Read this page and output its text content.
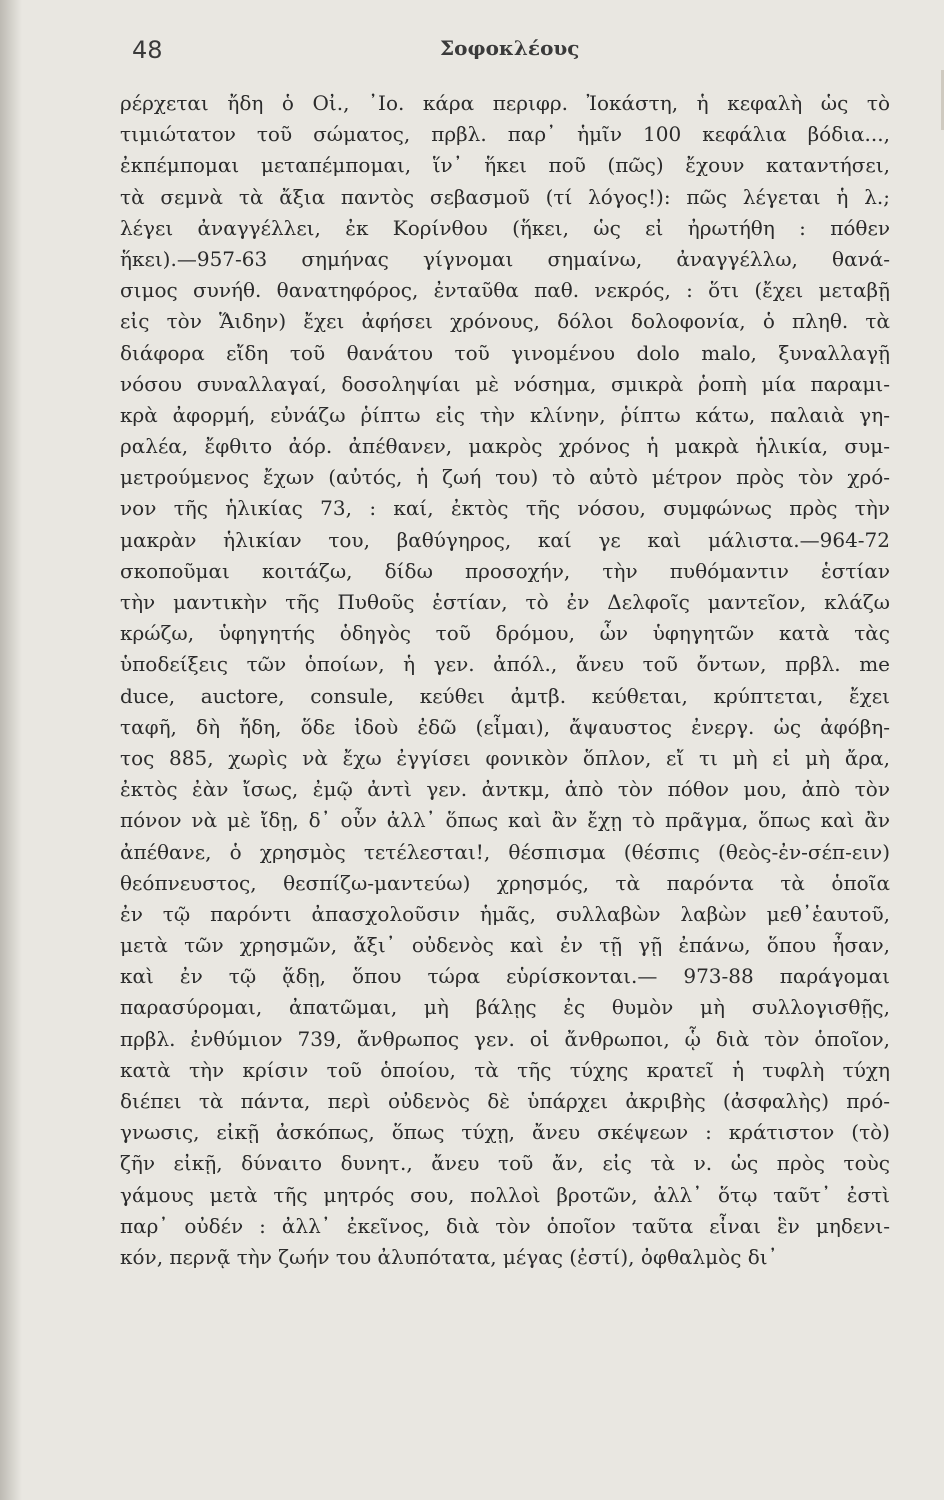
48	Σοφοκλέους
ρέρχεται ἤδη ὁ Οἰ., ᾽Ιο. κάρα περιφρ. Ἰοκάστη, ἡ κεφαλὴ ὡς τὸ
τιμιώτατον τοῦ σώματος, πρβλ. παρ᾽ ἡμῖν 100 κεφάλια βόδια...,
ἐκπέμπομαι μεταπέμπομαι, ἵν᾽ ἥκει ποῦ (πῶς) ἔχουν καταντήσει,
τὰ σεμνὰ τὰ ἄξια παντὸς σεβασμοῦ (τί λόγος!): πῶς λέγεται ἡ λ.;
λέγει ἀναγγέλλει, ἐκ Κορίνθου (ἥκει, ὡς εἰ ἠρωτήθη : πόθεν
ἥκει).—957-63 σημήνας γίγνομαι σημαίνω, ἀναγγέλλω, θανά-
σιμος συνήθ. θανατηφόρος, ἐνταῦθα παθ. νεκρός, : ὅτι (ἔχει μεταβῇ
εἰς τὸν Ἅιδην) ἔχει ἀφήσει χρόνους, δόλοι δολοφονία, ὁ πληθ. τὰ
διάφορα εἴδη τοῦ θανάτου τοῦ γινομένου dolo malo, ξυναλλαγῇ
νόσου συναλλαγαί, δοσοληψίαι μὲ νόσημα, σμικρὰ ῥοπὴ μία παραμι-
κρὰ ἀφορμή, εὐνάζω ῥίπτω εἰς τὴν κλίνην, ῥίπτω κάτω, παλαιὰ γη-
ραλέα, ἔφθιτο ἀόρ. ἀπέθανεν, μακρὸς χρόνος ἡ μακρὰ ἡλικία, συμ-
μετρούμενος ἔχων (αὐτός, ἡ ζωή του) τὸ αὐτὸ μέτρον πρὸς τὸν χρό-
νον τῆς ἡλικίας 73, : καί, ἐκτὸς τῆς νόσου, συμφώνως πρὸς τὴν
μακρὰν ἡλικίαν του, βαθύγηρος, καί γε καὶ μάλιστα.—964-72
σκοποῦμαι κοιτάζω, δίδω προσοχήν, τὴν πυθόμαντιν ἑστίαν
τὴν μαντικὴν τῆς Πυθοῦς ἑστίαν, τὸ ἐν Δελφοῖς μαντεῖον, κλάζω
κρώζω, ὑφηγητής ὁδηγὸς τοῦ δρόμου, ὧν ὑφηγητῶν κατὰ τὰς
ὑποδείξεις τῶν ὁποίων, ἡ γεν. ἀπόλ., ἄνευ τοῦ ὄντων, πρβλ. me
duce, auctore, consule, κεύθει ἀμτβ. κεύθεται, κρύπτεται, ἔχει
ταφῆ, δὴ ἤδη, ὅδε ἰδοὺ ἐδῶ (εἶμαι), ἄψαυστος ἐνεργ. ὡς ἀφόβη-
τος 885, χωρὶς νὰ ἔχω ἐγγίσει φονικὸν ὅπλον, εἴ τι μὴ εἰ μὴ ἄρα,
ἐκτὸς ἐὰν ἴσως, ἐμῷ ἀντὶ γεν. ἀντκμ, ἀπὸ τὸν πόθον μου, ἀπὸ τὸν
πόνον νὰ μὲ ἴδῃ, δ᾽ οὖν ἀλλ᾽ ὅπως καὶ ἂν ἔχῃ τὸ πρᾶγμα, ὅπως καὶ ἂν
ἀπέθανε, ὁ χρησμὸς τετέλεσται!, θέσπισμα (θέσπις (θεὸς-ἐν-σέπ-ειν)
θεόπνευστος, θεσπίζω-μαντεύω) χρησμός, τὰ παρόντα τὰ ὁποῖα
ἐν τῷ παρόντι ἀπασχολοῦσιν ἡμᾶς, συλλαβὼν λαβὼν μεθ᾽ἑαυτοῦ,
μετὰ τῶν χρησμῶν, ἄξι᾽ οὐδενὸς καὶ ἐν τῇ γῇ ἐπάνω, ὅπου ἦσαν,
καὶ ἐν τῷ ᾅδῃ, ὅπου τώρα εὑρίσκονται.— 973-88 παράγομαι
παρασύρομαι, ἀπατῶμαι, μὴ βάλῃς ἐς θυμὸν μὴ συλλογισθῇς,
πρβλ. ἐνθύμιον 739, ἄνθρωπος γεν. οἱ ἄνθρωποι, ᾧ διὰ τὸν ὁποῖον,
κατὰ τὴν κρίσιν τοῦ ὁποίου, τὰ τῆς τύχης κρατεῖ ἡ τυφλὴ τύχη
διέπει τὰ πάντα, περὶ οὐδενὸς δὲ ὑπάρχει ἀκριβὴς (ἀσφαλὴς) πρό-
γνωσις, εἰκῇ ἀσκόπως, ὅπως τύχῃ, ἄνευ σκέψεων : κράτιστον (τὸ)
ζῆν εἰκῇ, δύναιτο δυνητ., ἄνευ τοῦ ἄν, εἰς τὰ ν. ὡς πρὸς τοὺς
γάμους μετὰ τῆς μητρός σου, πολλοὶ βροτῶν, ἀλλ᾽ ὅτῳ ταῦτ᾽ ἐστὶ
παρ᾽ οὐδέν : ἀλλ᾽ ἐκεῖνος, διὰ τὸν ὁποῖον ταῦτα εἶναι ἓν μηδενι-
κόν, περνᾷ τὴν ζωήν του ἀλυπότατα, μέγας (ἐστί), ὀφθαλμὸς δι᾽
